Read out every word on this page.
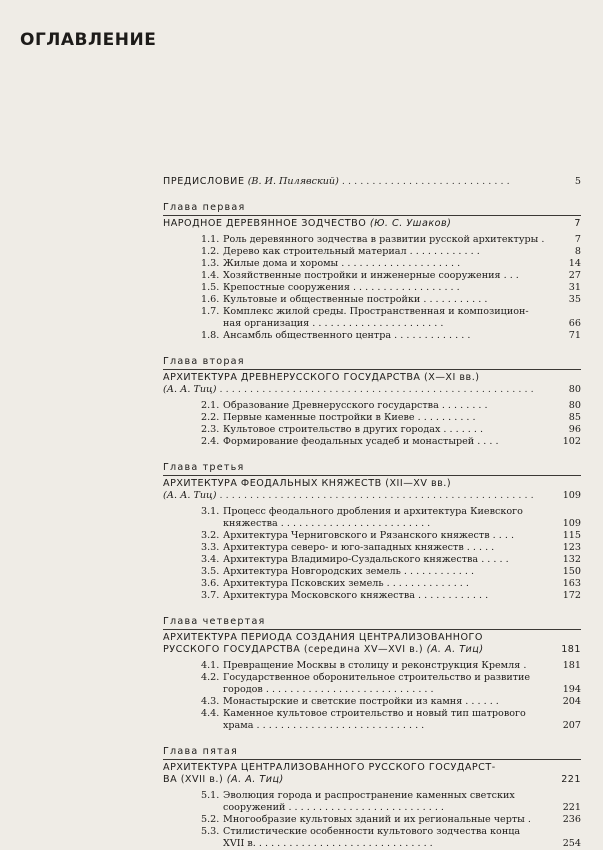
ОГЛАВЛЕНИЕ
ПРЕДИСЛОВИЕ (В. И. Пилявский) . . . . . . . . . . . . . . . . . . . . . . . . . . . .	5
Глава первая
НАРОДНОЕ ДЕРЕВЯННОЕ ЗОДЧЕСТВО (Ю. С. Ушаков)	7
1.1. Роль деревянного зодчества в развитии русской архитектуры .	7
1.2. Дерево как строительный материал . . . . . . . . . . . .	8
1.3. Жилые дома и хоромы . . . . . . . . . . . . . . . . . . . .	14
1.4. Хозяйственные постройки и инженерные сооружения . . .	27
1.5. Крепостные сооружения . . . . . . . . . . . . . . . . . .	31
1.6. Культовые и общественные постройки . . . . . . . . . . .	35
1.7. Комплекс жилой среды. Пространственная и композицион-
ная организация . . . . . . . . . . . . . . . . . . . . . .	66
1.8. Ансамбль общественного центра . . . . . . . . . . . . .	71
Глава вторая
АРХИТЕКТУРА ДРЕВНЕРУССКОГО ГОСУДАРСТВА (X—XI вв.)
(А. А. Тиц) . . . . . . . . . . . . . . . . . . . . . . . . . . . . . . . . . . . . . . . . . . . . . . . . . . . .	80
2.1. Образование Древнерусского государства . . . . . . . .	80
2.2. Первые каменные постройки в Киеве . . . . . . . . . .	85
2.3. Культовое строительство в других городах . . . . . . .	96
2.4. Формирование феодальных усадеб и монастырей . . . .	102
Глава третья
АРХИТЕКТУРА ФЕОДАЛЬНЫХ КНЯЖЕСТВ (XII—XV вв.)
(А. А. Тиц) . . . . . . . . . . . . . . . . . . . . . . . . . . . . . . . . . . . . . . . . . . . . . . . . . . . .	109
3.1. Процесс феодального дробления и архитектура Киевского
княжества . . . . . . . . . . . . . . . . . . . . . . . . .	109
3.2. Архитектура Черниговского и Рязанского княжеств . . . .	115
3.3. Архитектура северо- и юго-западных княжеств . . . . .	123
3.4. Архитектура Владимиро-Суздальского княжества . . . . .	132
3.5. Архитектура Новгородских земель . . . . . . . . . . . .	150
3.6. Архитектура Псковских земель . . . . . . . . . . . . . .	163
3.7. Архитектура Московского княжества . . . . . . . . . . . .	172
Глава четвертая
АРХИТЕКТУРА ПЕРИОДА СОЗДАНИЯ ЦЕНТРАЛИЗОВАННОГО
РУССКОГО ГОСУДАРСТВА (середина XV—XVI в.) (А. А. Тиц)	181
4.1. Превращение Москвы в столицу и реконструкция Кремля .	181
4.2. Государственное оборонительное строительство и развитие
городов . . . . . . . . . . . . . . . . . . . . . . . . . . . .	194
4.3. Монастырские и светские постройки из камня . . . . . .	204
4.4. Каменное культовое строительство и новый тип шатрового
храма . . . . . . . . . . . . . . . . . . . . . . . . . . . .	207
Глава пятая
АРХИТЕКТУРА ЦЕНТРАЛИЗОВАННОГО РУССКОГО ГОСУДАРСТ-
ВА (XVII в.) (А. А. Тиц)	221
5.1. Эволюция города и распространение каменных светских
сооружений . . . . . . . . . . . . . . . . . . . . . . . . . .	221
5.2. Многообразие культовых зданий и их региональные черты .	236
5.3. Стилистические особенности культового зодчества конца
XVII в. . . . . . . . . . . . . . . . . . . . . . . . . . . . . .	254
